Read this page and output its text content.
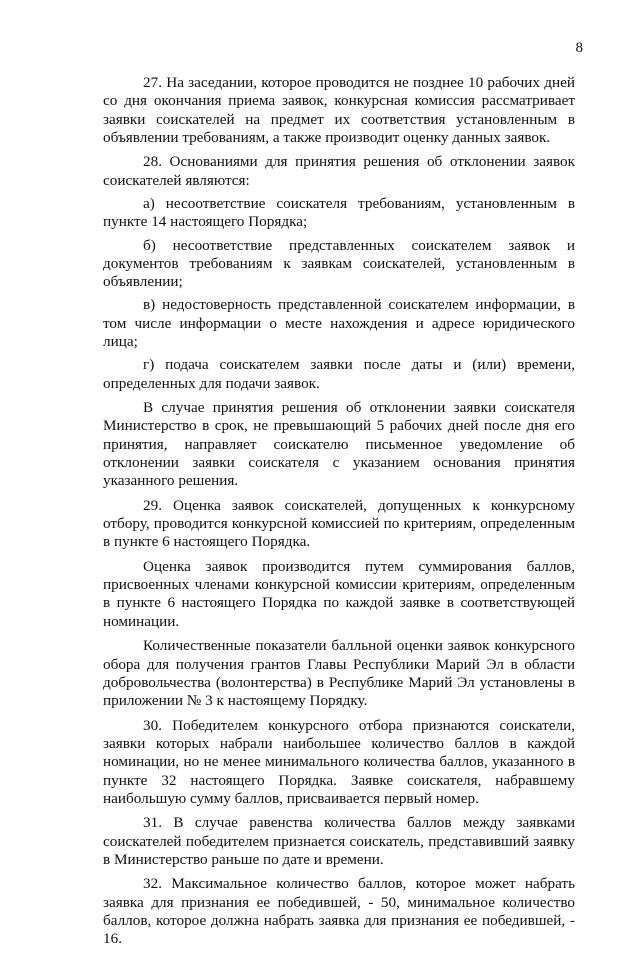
8

27. На заседании, которое проводится не позднее 10 рабочих дней со дня окончания приема заявок, конкурсная комиссия рассматривает заявки соискателей на предмет их соответствия установленным в объявлении требованиям, а также производит оценку данных заявок.

28. Основаниями для принятия решения об отклонении заявок соискателей являются:

а) несоответствие соискателя требованиям, установленным в пункте 14 настоящего Порядка;

б) несоответствие представленных соискателем заявок и документов требованиям к заявкам соискателей, установленным в объявлении;

в) недостоверность представленной соискателем информации, в том числе информации о месте нахождения и адресе юридического лица;

г) подача соискателем заявки после даты и (или) времени, определенных для подачи заявок.

В случае принятия решения об отклонении заявки соискателя Министерство в срок, не превышающий 5 рабочих дней после дня его принятия, направляет соискателю письменное уведомление об отклонении заявки соискателя с указанием основания принятия указанного решения.

29. Оценка заявок соискателей, допущенных к конкурсному отбору, проводится конкурсной комиссией по критериям, определенным в пункте 6 настоящего Порядка.

Оценка заявок производится путем суммирования баллов, присвоенных членами конкурсной комиссии критериям, определенным в пункте 6 настоящего Порядка по каждой заявке в соответствующей номинации.

Количественные показатели балльной оценки заявок конкурсного обора для получения грантов Главы Республики Марий Эл в области добровольчества (волонтерства) в Республике Марий Эл установлены в приложении № 3 к настоящему Порядку.

30. Победителем конкурсного отбора признаются соискатели, заявки которых набрали наибольшее количество баллов в каждой номинации, но не менее минимального количества баллов, указанного в пункте 32 настоящего Порядка. Заявке соискателя, набравшему наибольшую сумму баллов, присваивается первый номер.

31. В случае равенства количества баллов между заявками соискателей победителем признается соискатель, представивший заявку в Министерство раньше по дате и времени.

32. Максимальное количество баллов, которое может набрать заявка для признания ее победившей, - 50, минимальное количество баллов, которое должна набрать заявка для признания ее победившей, - 16.
